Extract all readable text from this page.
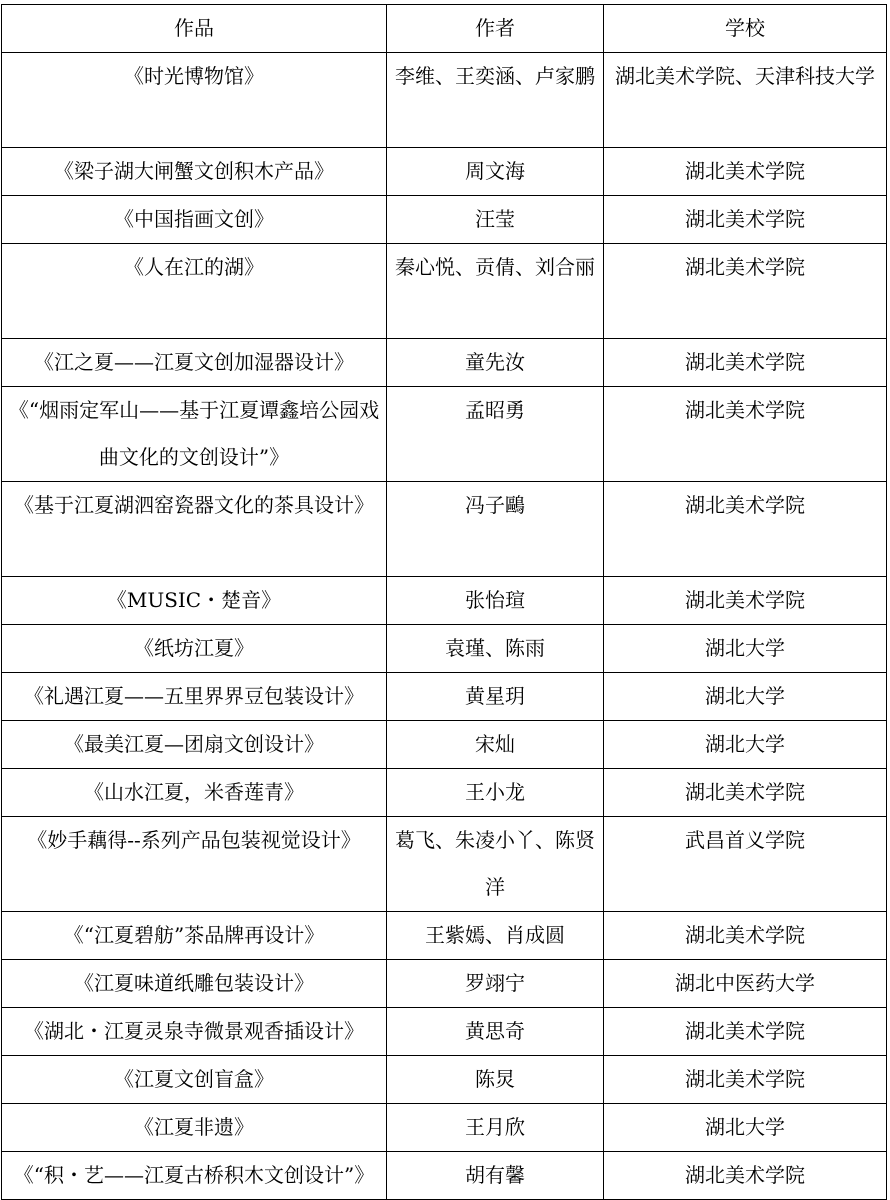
作品	作者	学校
《时光博物馆》	李维、王奕涵、卢家鹏	湖北美术学院、天津科技大学
《梁子湖大闸蟹文创积木产品》	周文海	湖北美术学院
《中国指画文创》	汪莹	湖北美术学院
《人在江的湖》	秦心悦、贡倩、刘合丽	湖北美术学院
《江之夏——江夏文创加湿器设计》	童先汝	湖北美术学院
《“烟雨定军山——基于江夏谭鑫培公园戏曲文化的文创设计”》	孟昭勇	湖北美术学院
《基于江夏湖泗窑瓷器文化的茶具设计》	冯子鷗	湖北美术学院
《MUSIC・楚音》	张怡瑄	湖北美术学院
《纸坊江夏》	袁瑾、陈雨	湖北大学
《礼遇江夏——五里界界豆包装设计》	黄星玥	湖北大学
《最美江夏—团扇文创设计》	宋灿	湖北大学
《山水江夏，米香莲青》	王小龙	湖北美术学院
《妙手藕得--系列产品包装视觉设计》	葛飞、朱凌小丫、陈贤洋	武昌首义学院
《“江夏碧舫”茶品牌再设计》	王紫嫣、肖成圆	湖北美术学院
《江夏味道纸雕包装设计》	罗翊宁	湖北中医药大学
《湖北・江夏灵泉寺微景观香插设计》	黄思奇	湖北美术学院
《江夏文创盲盒》	陈炅	湖北美术学院
《江夏非遗》	王月欣	湖北大学
《“积・艺——江夏古桥积木文创设计”》	胡有馨	湖北美术学院
